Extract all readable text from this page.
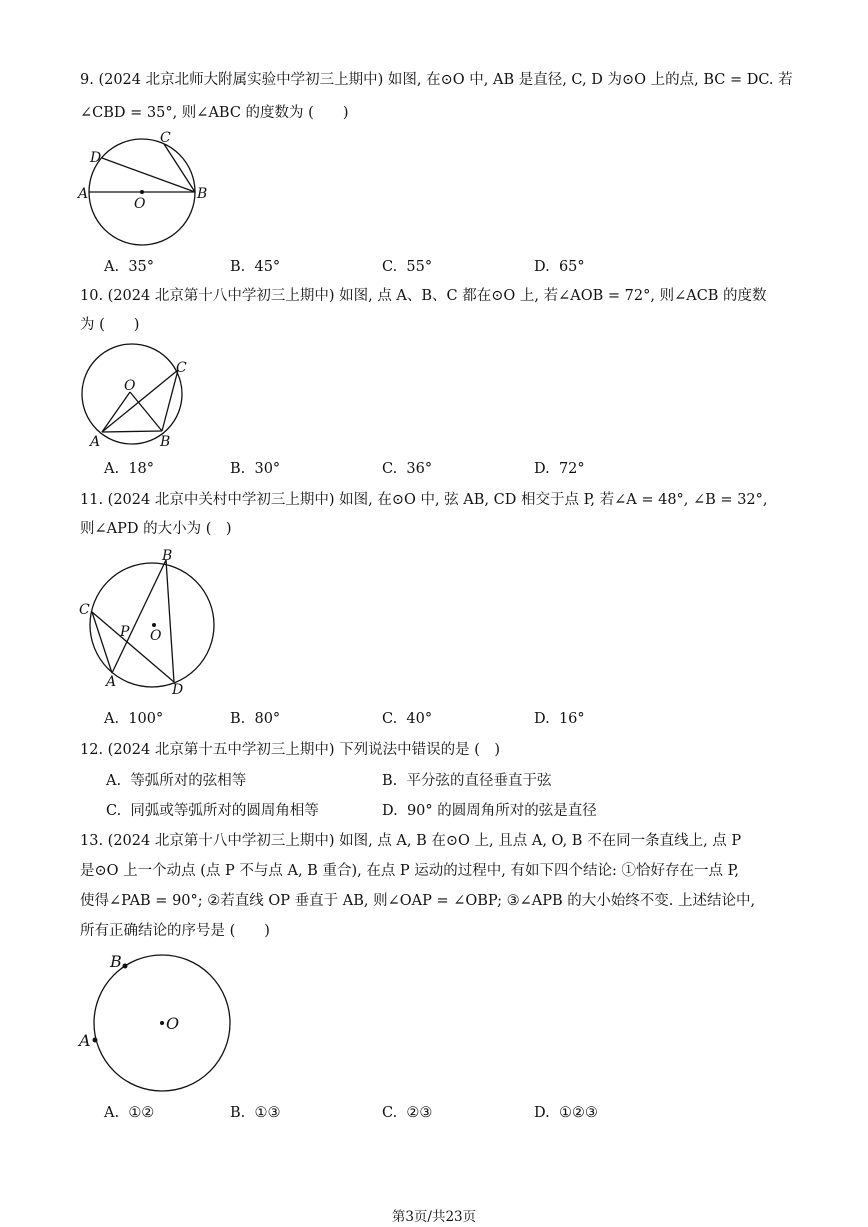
9. (2024 北京北师大附属实验中学初三上期中) 如图, 在⊙O 中, AB 是直径, C, D 为⊙O 上的点, BC = DC. 若
∠CBD = 35°, 则∠ABC 的度数为 (　　)
C
D
A
O
B
A. 35°	B. 45°	C. 55°	D. 65°
10. (2024 北京第十八中学初三上期中) 如图, 点 A、B、C 都在⊙O 上, 若∠AOB = 72°, 则∠ACB 的度数
为 (　　)
O
C
A	B
A. 18°	B. 30°	C. 36°	D. 72°
11. (2024 北京中关村中学初三上期中) 如图, 在⊙O 中, 弦 AB, CD 相交于点 P, 若∠A = 48°, ∠B = 32°,
则∠APD 的大小为 (　)
B
C
P O
A	D
A. 100°	B. 80°	C. 40°	D. 16°
12. (2024 北京第十五中学初三上期中) 下列说法中错误的是 (　)
A. 等弧所对的弦相等	B. 平分弦的直径垂直于弦
C. 同弧或等弧所对的圆周角相等	D. 90° 的圆周角所对的弦是直径
13. (2024 北京第十八中学初三上期中) 如图, 点 A, B 在⊙O 上, 且点 A, O, B 不在同一条直线上, 点 P
是⊙O 上一个动点 (点 P 不与点 A, B 重合), 在点 P 运动的过程中, 有如下四个结论: ①恰好存在一点 P,
使得∠PAB = 90°; ②若直线 OP 垂直于 AB, 则∠OAP = ∠OBP; ③∠APB 的大小始终不变. 上述结论中,
所有正确结论的序号是 (　　)
B
O
A
A. ①②	B. ①③	C. ②③	D. ①②③
第3页/共23页
